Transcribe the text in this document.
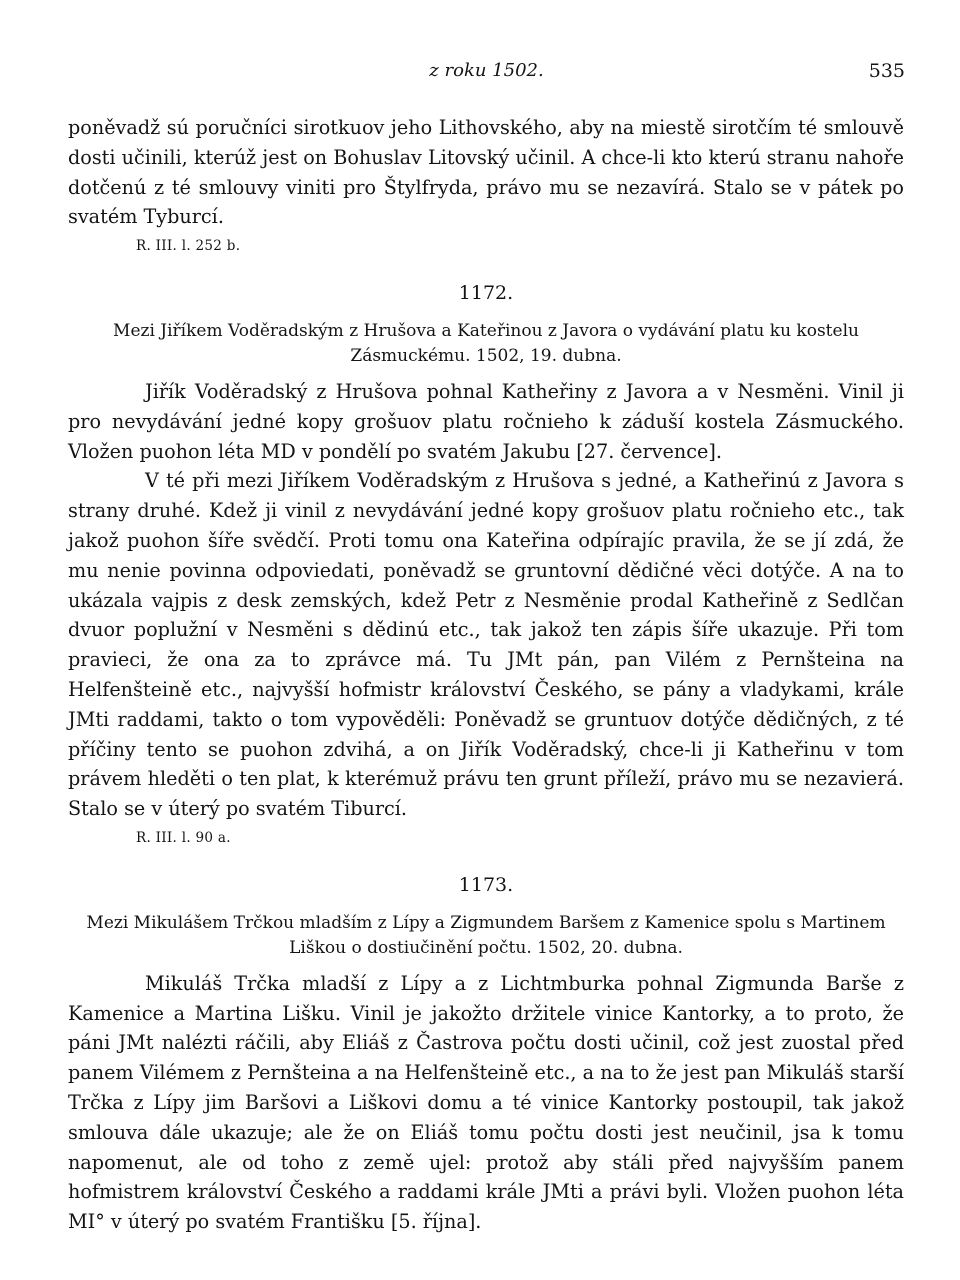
z roku 1502.	535

poněvadž sú poručníci sirotkuov jeho Lithovského, aby na miestě sirotčím té smlouvě dosti učinili, kterúž jest on Bohuslav Litovský učinil. A chce-li kto kterú stranu nahoře dotčenú z té smlouvy viniti pro Štylfryda, právo mu se nezavírá. Stalo se v pátek po svatém Tyburcí.

R. III. l. 252 b.
1172.
Mezi Jiříkem Voděradským z Hrušova a Kateřinou z Javora o vydávání platu ku kostelu Zásmuckému. 1502, 19. dubna.

Jiřík Voděradský z Hrušova pohnal Katheřiny z Javora a v Nesměni. Vinil ji pro nevydávání jedné kopy grošuov platu ročnieho k záduší kostela Zásmuckého. Vložen puohon léta MD v pondělí po svatém Jakubu [27. července].

V té při mezi Jiříkem Voděradským z Hrušova s jedné, a Katheřinú z Javora s strany druhé. Kdež ji vinil z nevydávání jedné kopy grošuov platu ročnieho etc., tak jakož puohon šíře svědčí. Proti tomu ona Kateřina odpírajíc pravila, že se jí zdá, že mu nenie povinna odpoviedati, poněvadž se gruntovní dědičné věci dotýče. A na to ukázala vajpis z desk zemských, kdež Petr z Nesměnie prodal Katheřině z Sedlčan dvuor poplužní v Nesměni s dědinú etc., tak jakož ten zápis šíře ukazuje. Při tom pravieci, že ona za to zprávce má. Tu JMt pán, pan Vilém z Pernšteina na Helfenšteině etc., najvyšší hofmistr království Českého, se pány a vladykami, krále JMti raddami, takto o tom vypověděli: Poněvadž se gruntuov dotýče dědičných, z té příčiny tento se puohon zdvihá, a on Jiřík Voděradský, chce-li ji Katheřinu v tom právem hleděti o ten plat, k kterémuž právu ten grunt příleží, právo mu se nezavierá. Stalo se v úterý po svatém Tiburcí.

R. III. l. 90 a.
1173.
Mezi Mikulášem Trčkou mladším z Lípy a Zigmundem Baršem z Kamenice spolu s Martinem Liškou o dostiučinění počtu. 1502, 20. dubna.

Mikuláš Trčka mladší z Lípy a z Lichtmburka pohnal Zigmunda Barše z Kamenice a Martina Lišku. Vinil je jakožto držitele vinice Kantorky, a to proto, že páni JMt nalézti ráčili, aby Eliáš z Častrova počtu dosti učinil, což jest zuostal před panem Vilémem z Pernšteina a na Helfenšteině etc., a na to že jest pan Mikuláš starší Trčka z Lípy jim Baršovi a Liškovi domu a té vinice Kantorky postoupil, tak jakož smlouva dále ukazuje; ale že on Eliáš tomu počtu dosti jest neučinil, jsa k tomu napomenut, ale od toho z země ujel: protož aby stáli před najvyšším panem hofmistrem království Českého a raddami krále JMti a právi byli. Vložen puohon léta MI° v úterý po svatém Františku [5. října].
